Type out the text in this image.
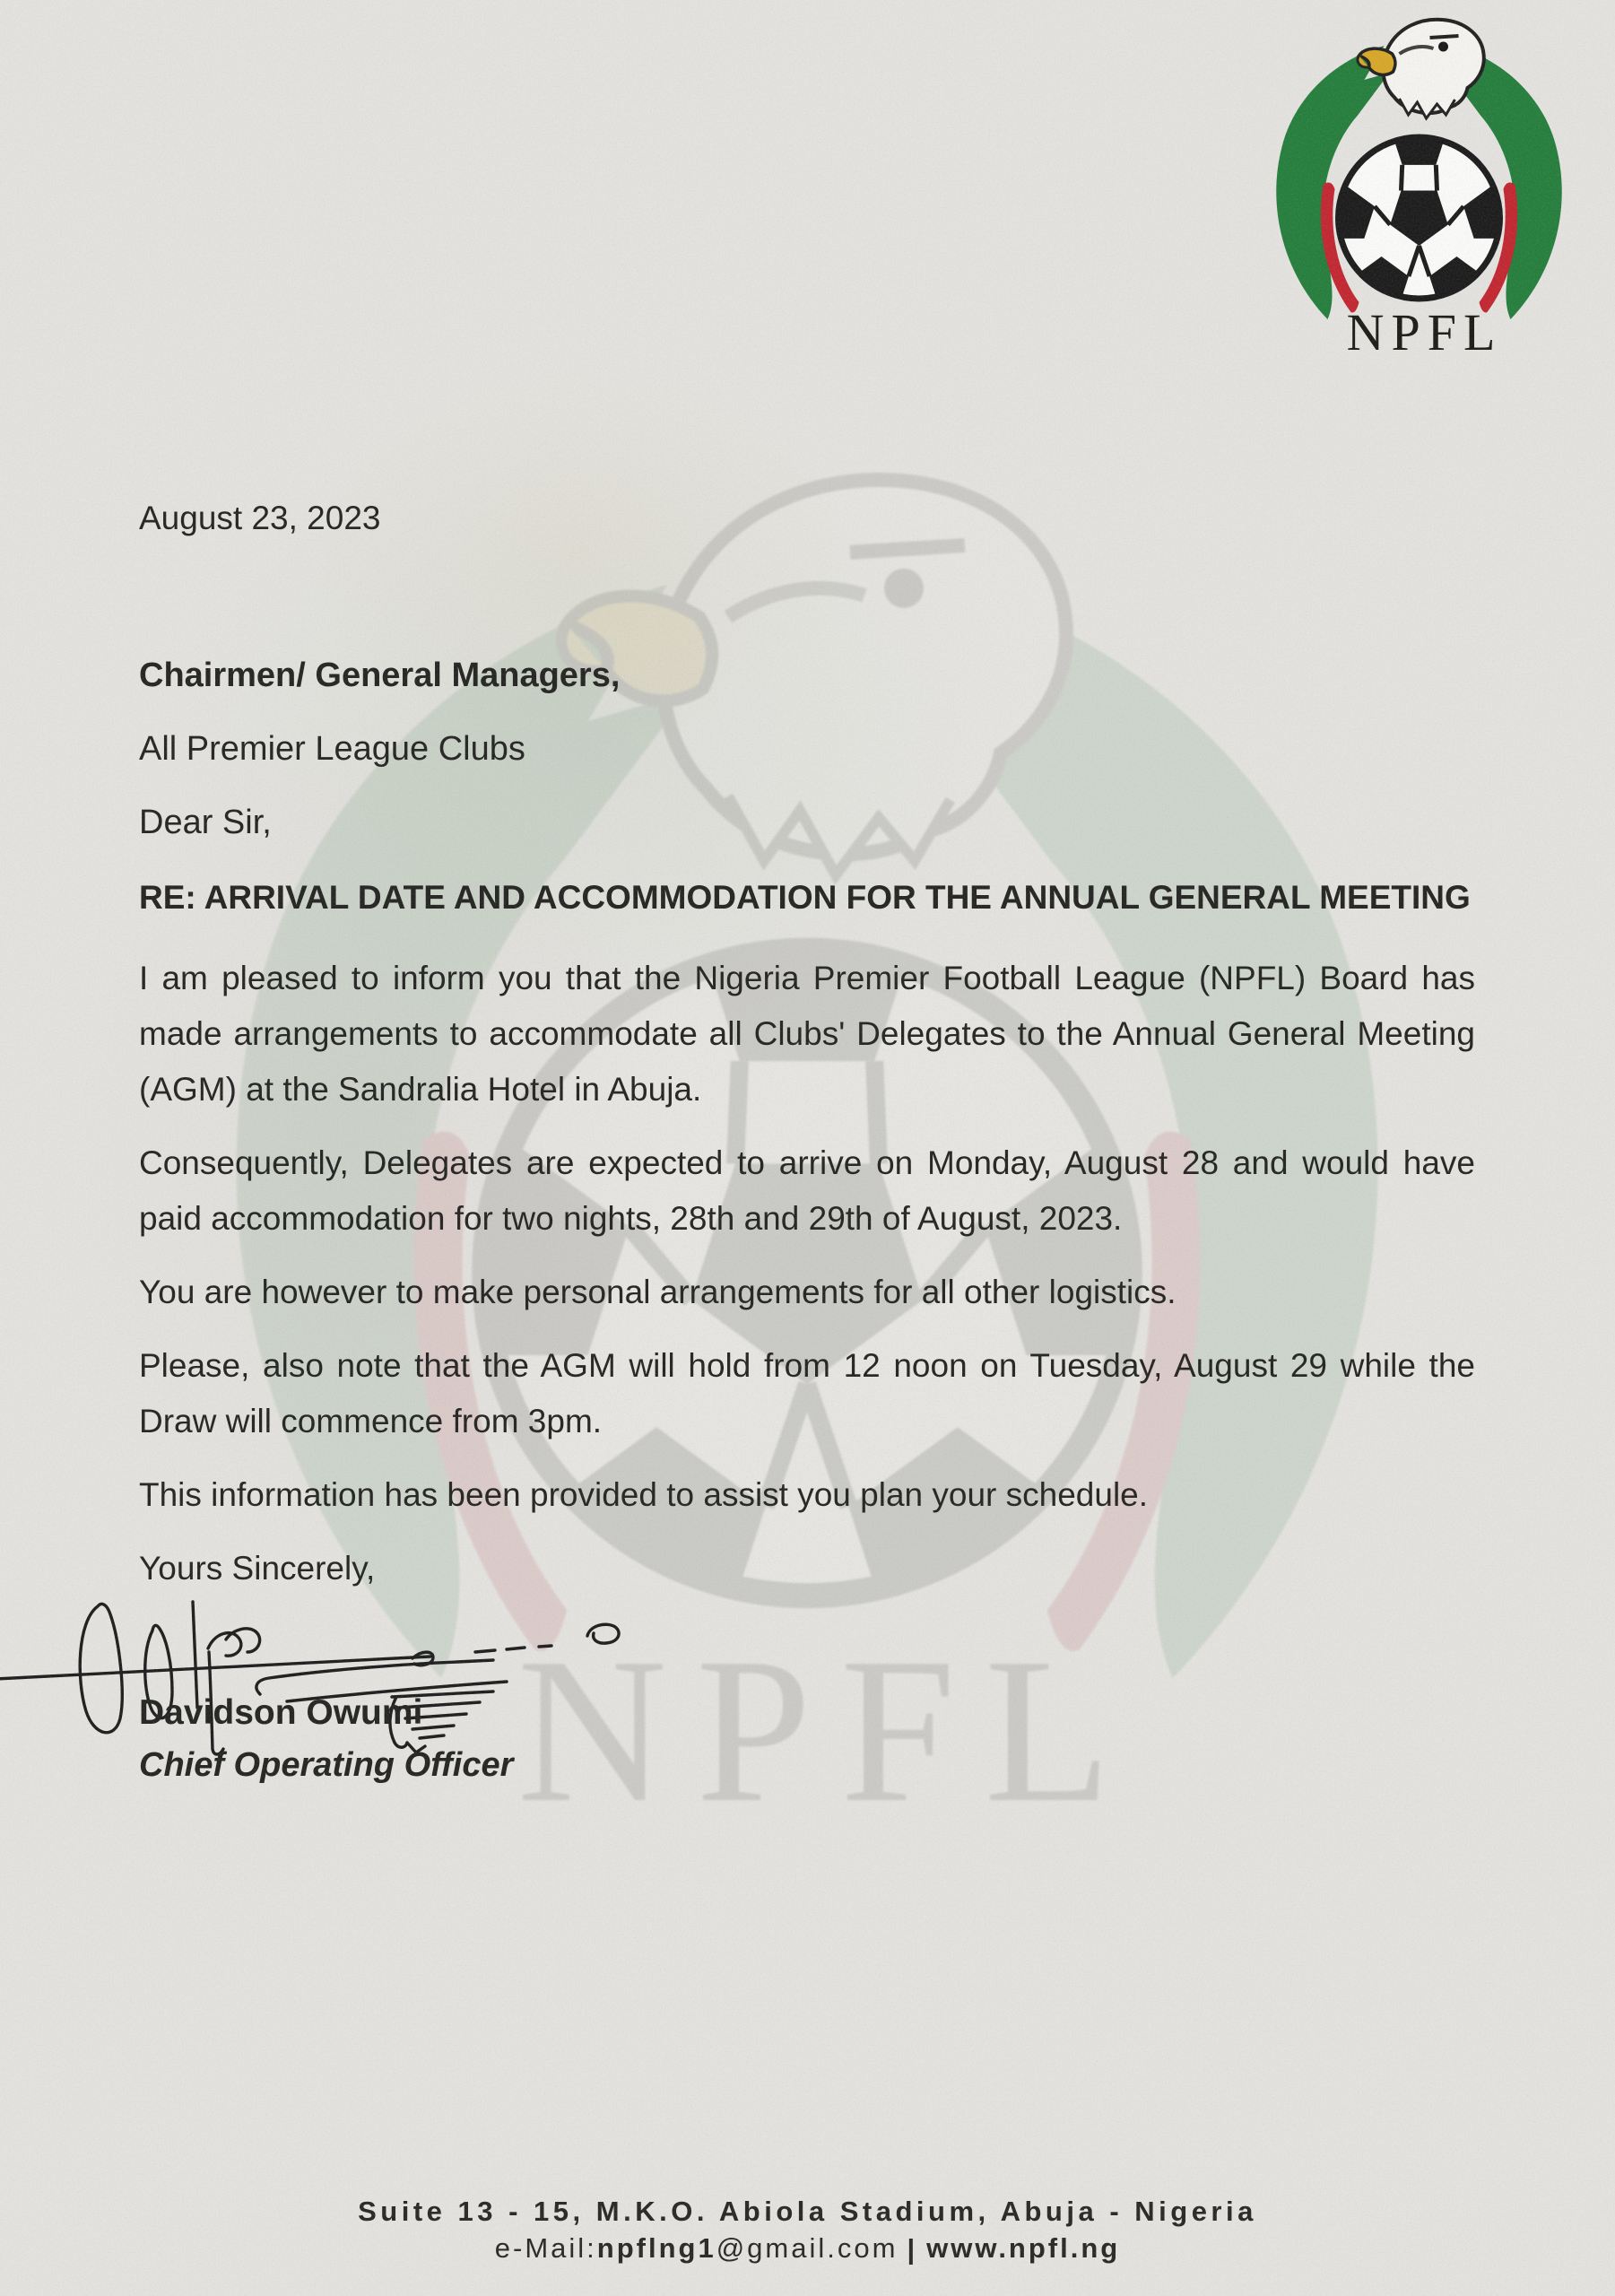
August 23, 2023

Chairmen/ General Managers,

All Premier League Clubs

Dear Sir,

RE: ARRIVAL DATE AND ACCOMMODATION FOR THE ANNUAL GENERAL MEETING

I am pleased to inform you that the Nigeria Premier Football League (NPFL) Board has made arrangements to accommodate all Clubs' Delegates to the Annual General Meeting (AGM) at the Sandralia Hotel in Abuja.

Consequently, Delegates are expected to arrive on Monday, August 28 and would have paid accommodation for two nights, 28th and 29th of August, 2023.

You are however to make personal arrangements for all other logistics.

Please, also note that the AGM will hold from 12 noon on Tuesday, August 29 while the Draw will commence from 3pm.

This information has been provided to assist you plan your schedule.

Yours Sincerely,

Davidson Owumi

Chief Operating Officer

Suite 13 - 15, M.K.O. Abiola Stadium, Abuja - Nigeria
e-Mail:npflng1@gmail.com | www.npfl.ng
